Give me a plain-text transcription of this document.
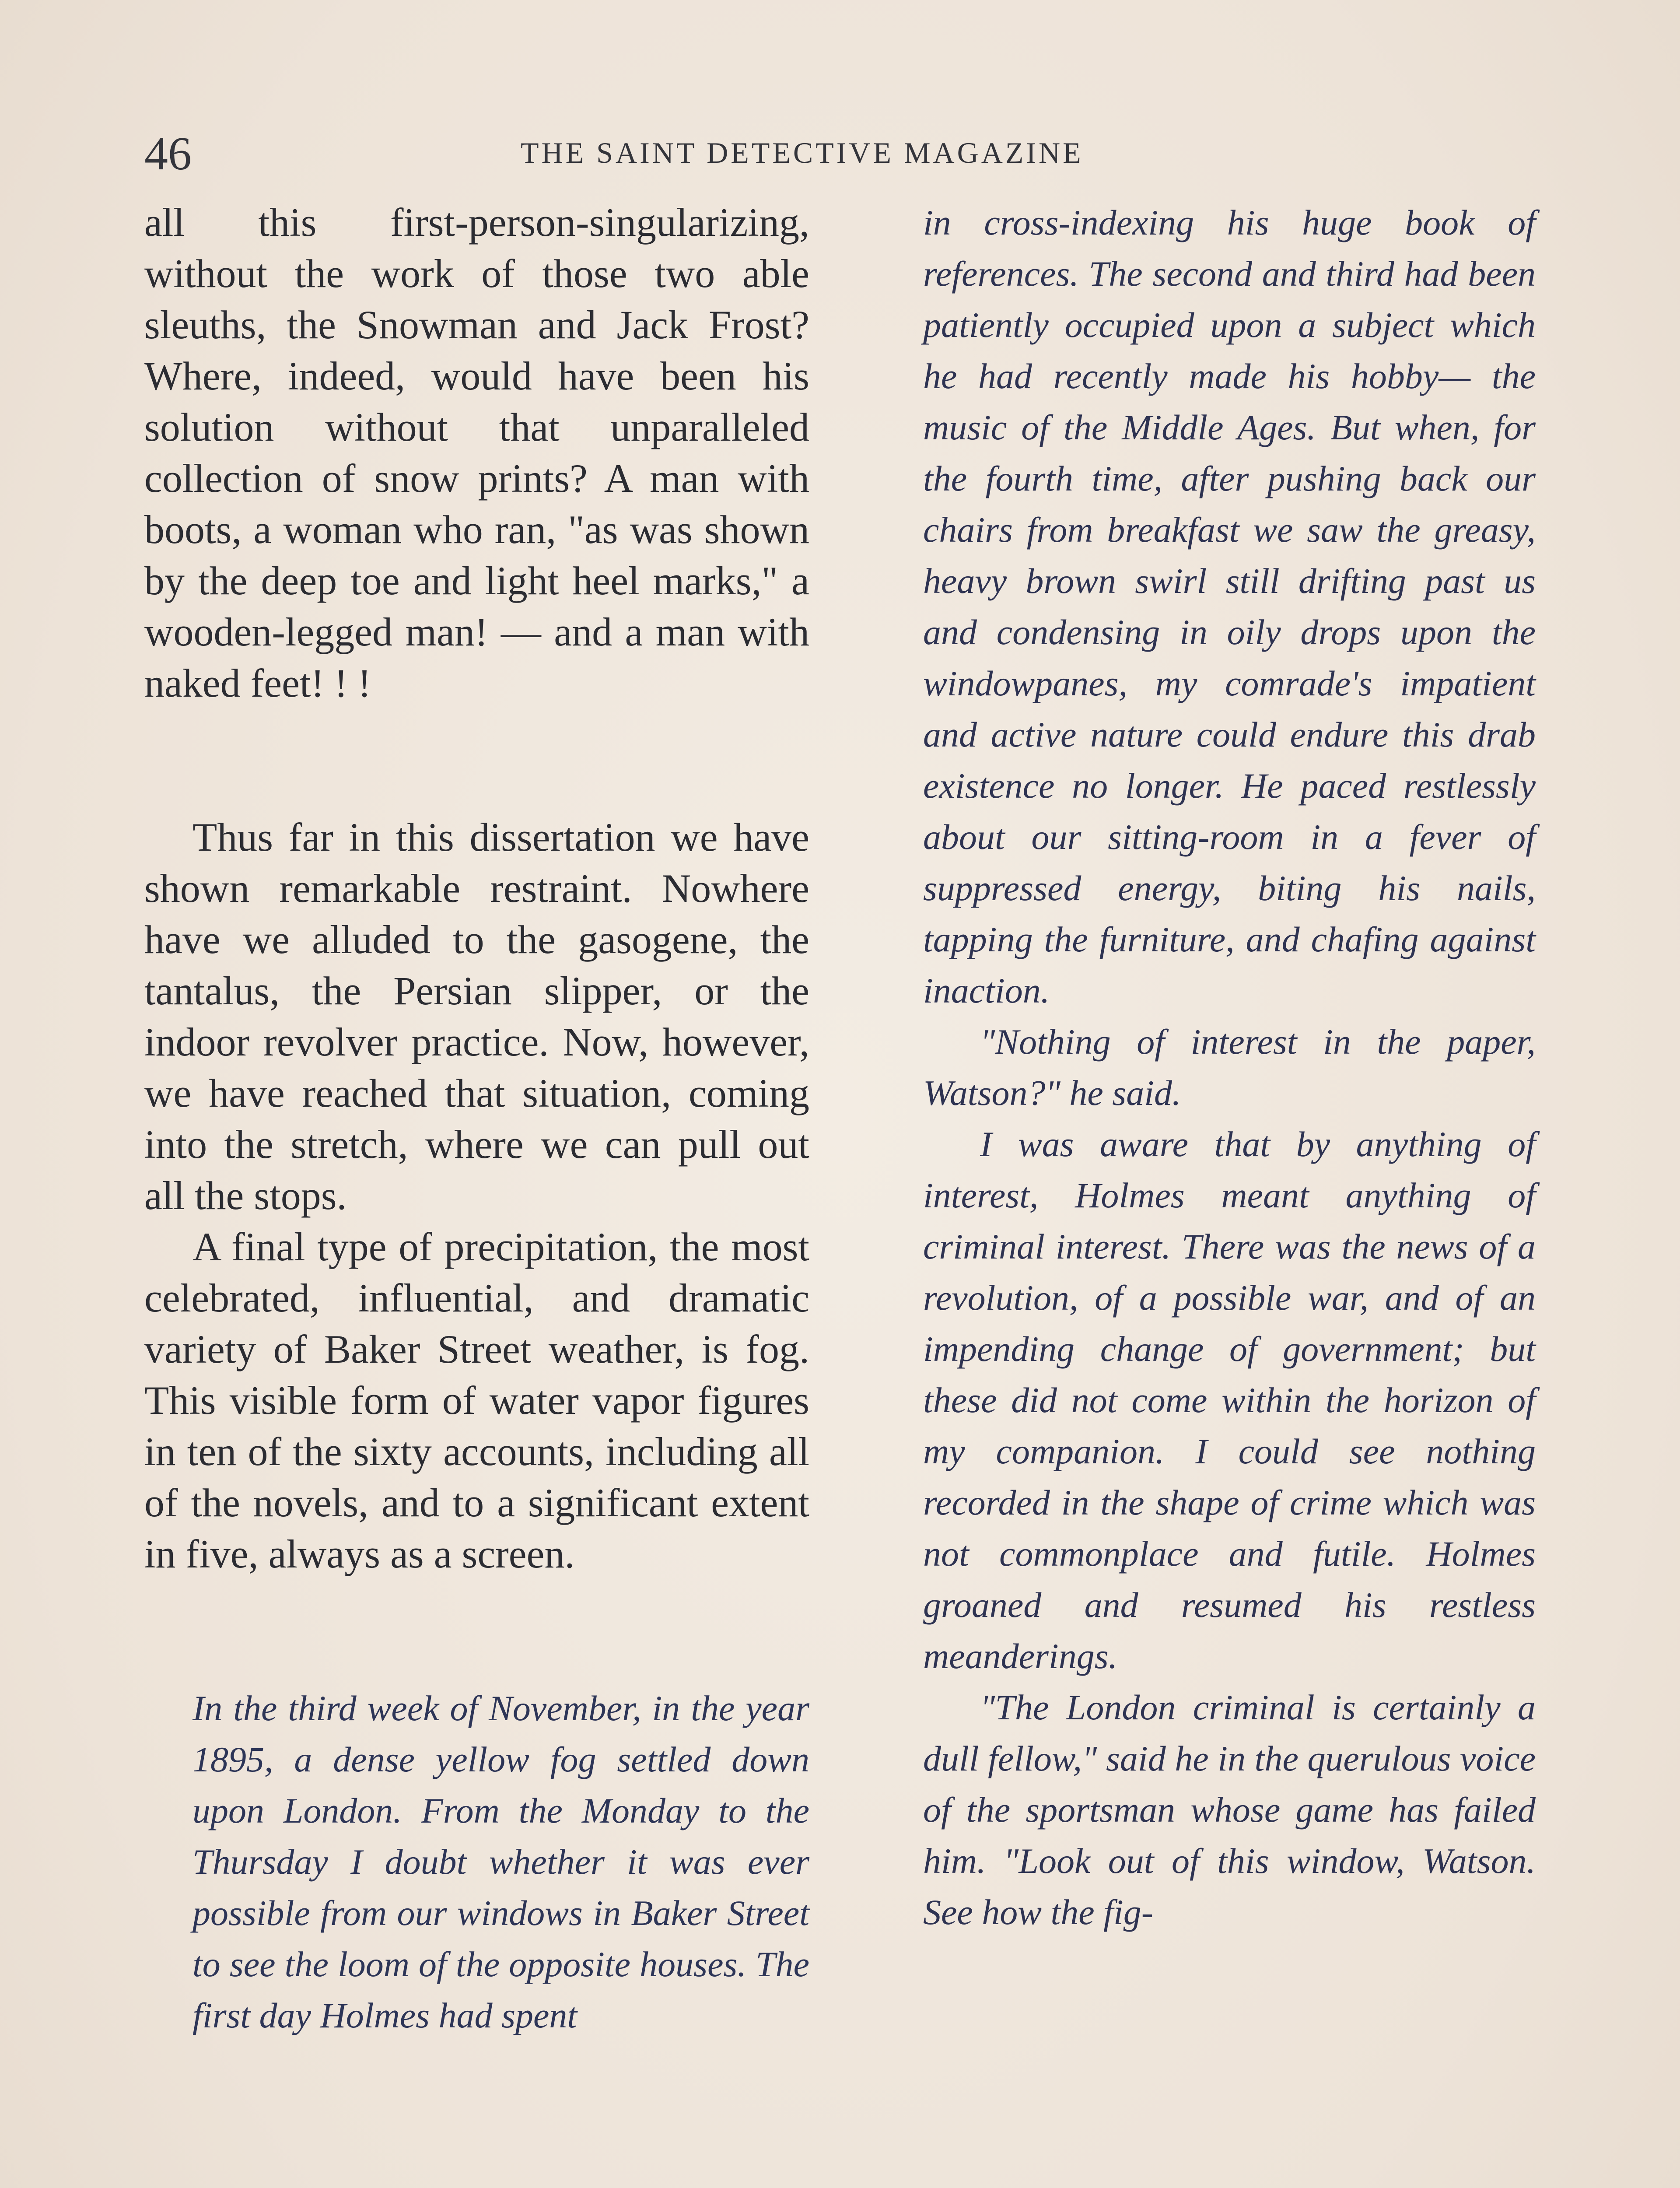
46	THE SAINT DETECTIVE MAGAZINE

all this first-person-singularizing, without the work of those two able sleuths, the Snowman and Jack Frost? Where, indeed, would have been his solution without that unparalleled collection of snow prints? A man with boots, a woman who ran, "as was shown by the deep toe and light heel marks," a wooden-legged man! — and a man with naked feet! ! !

Thus far in this dissertation we have shown remarkable restraint. Nowhere have we alluded to the gasogene, the tantalus, the Persian slipper, or the indoor revolver practice. Now, however, we have reached that situation, coming into the stretch, where we can pull out all the stops.

A final type of precipitation, the most celebrated, influential, and dramatic variety of Baker Street weather, is fog. This visible form of water vapor figures in ten of the sixty accounts, including all of the novels, and to a significant extent in five, always as a screen.

In the third week of November, in the year 1895, a dense yellow fog settled down upon London. From the Monday to the Thursday I doubt whether it was ever possible from our windows in Baker Street to see the loom of the opposite houses. The first day Holmes had spent

in cross-indexing his huge book of references. The second and third had been patiently occupied upon a subject which he had recently made his hobby— the music of the Middle Ages. But when, for the fourth time, after pushing back our chairs from breakfast we saw the greasy, heavy brown swirl still drifting past us and condensing in oily drops upon the windowpanes, my comrade's impatient and active nature could endure this drab existence no longer. He paced restlessly about our sitting-room in a fever of suppressed energy, biting his nails, tapping the furniture, and chafing against inaction.

"Nothing of interest in the paper, Watson?" he said.

I was aware that by anything of interest, Holmes meant anything of criminal interest. There was the news of a revolution, of a possible war, and of an impending change of government; but these did not come within the horizon of my companion. I could see nothing recorded in the shape of crime which was not commonplace and futile. Holmes groaned and resumed his restless meanderings.

"The London criminal is certainly a dull fellow," said he in the querulous voice of the sportsman whose game has failed him. "Look out of this window, Watson. See how the fig-
